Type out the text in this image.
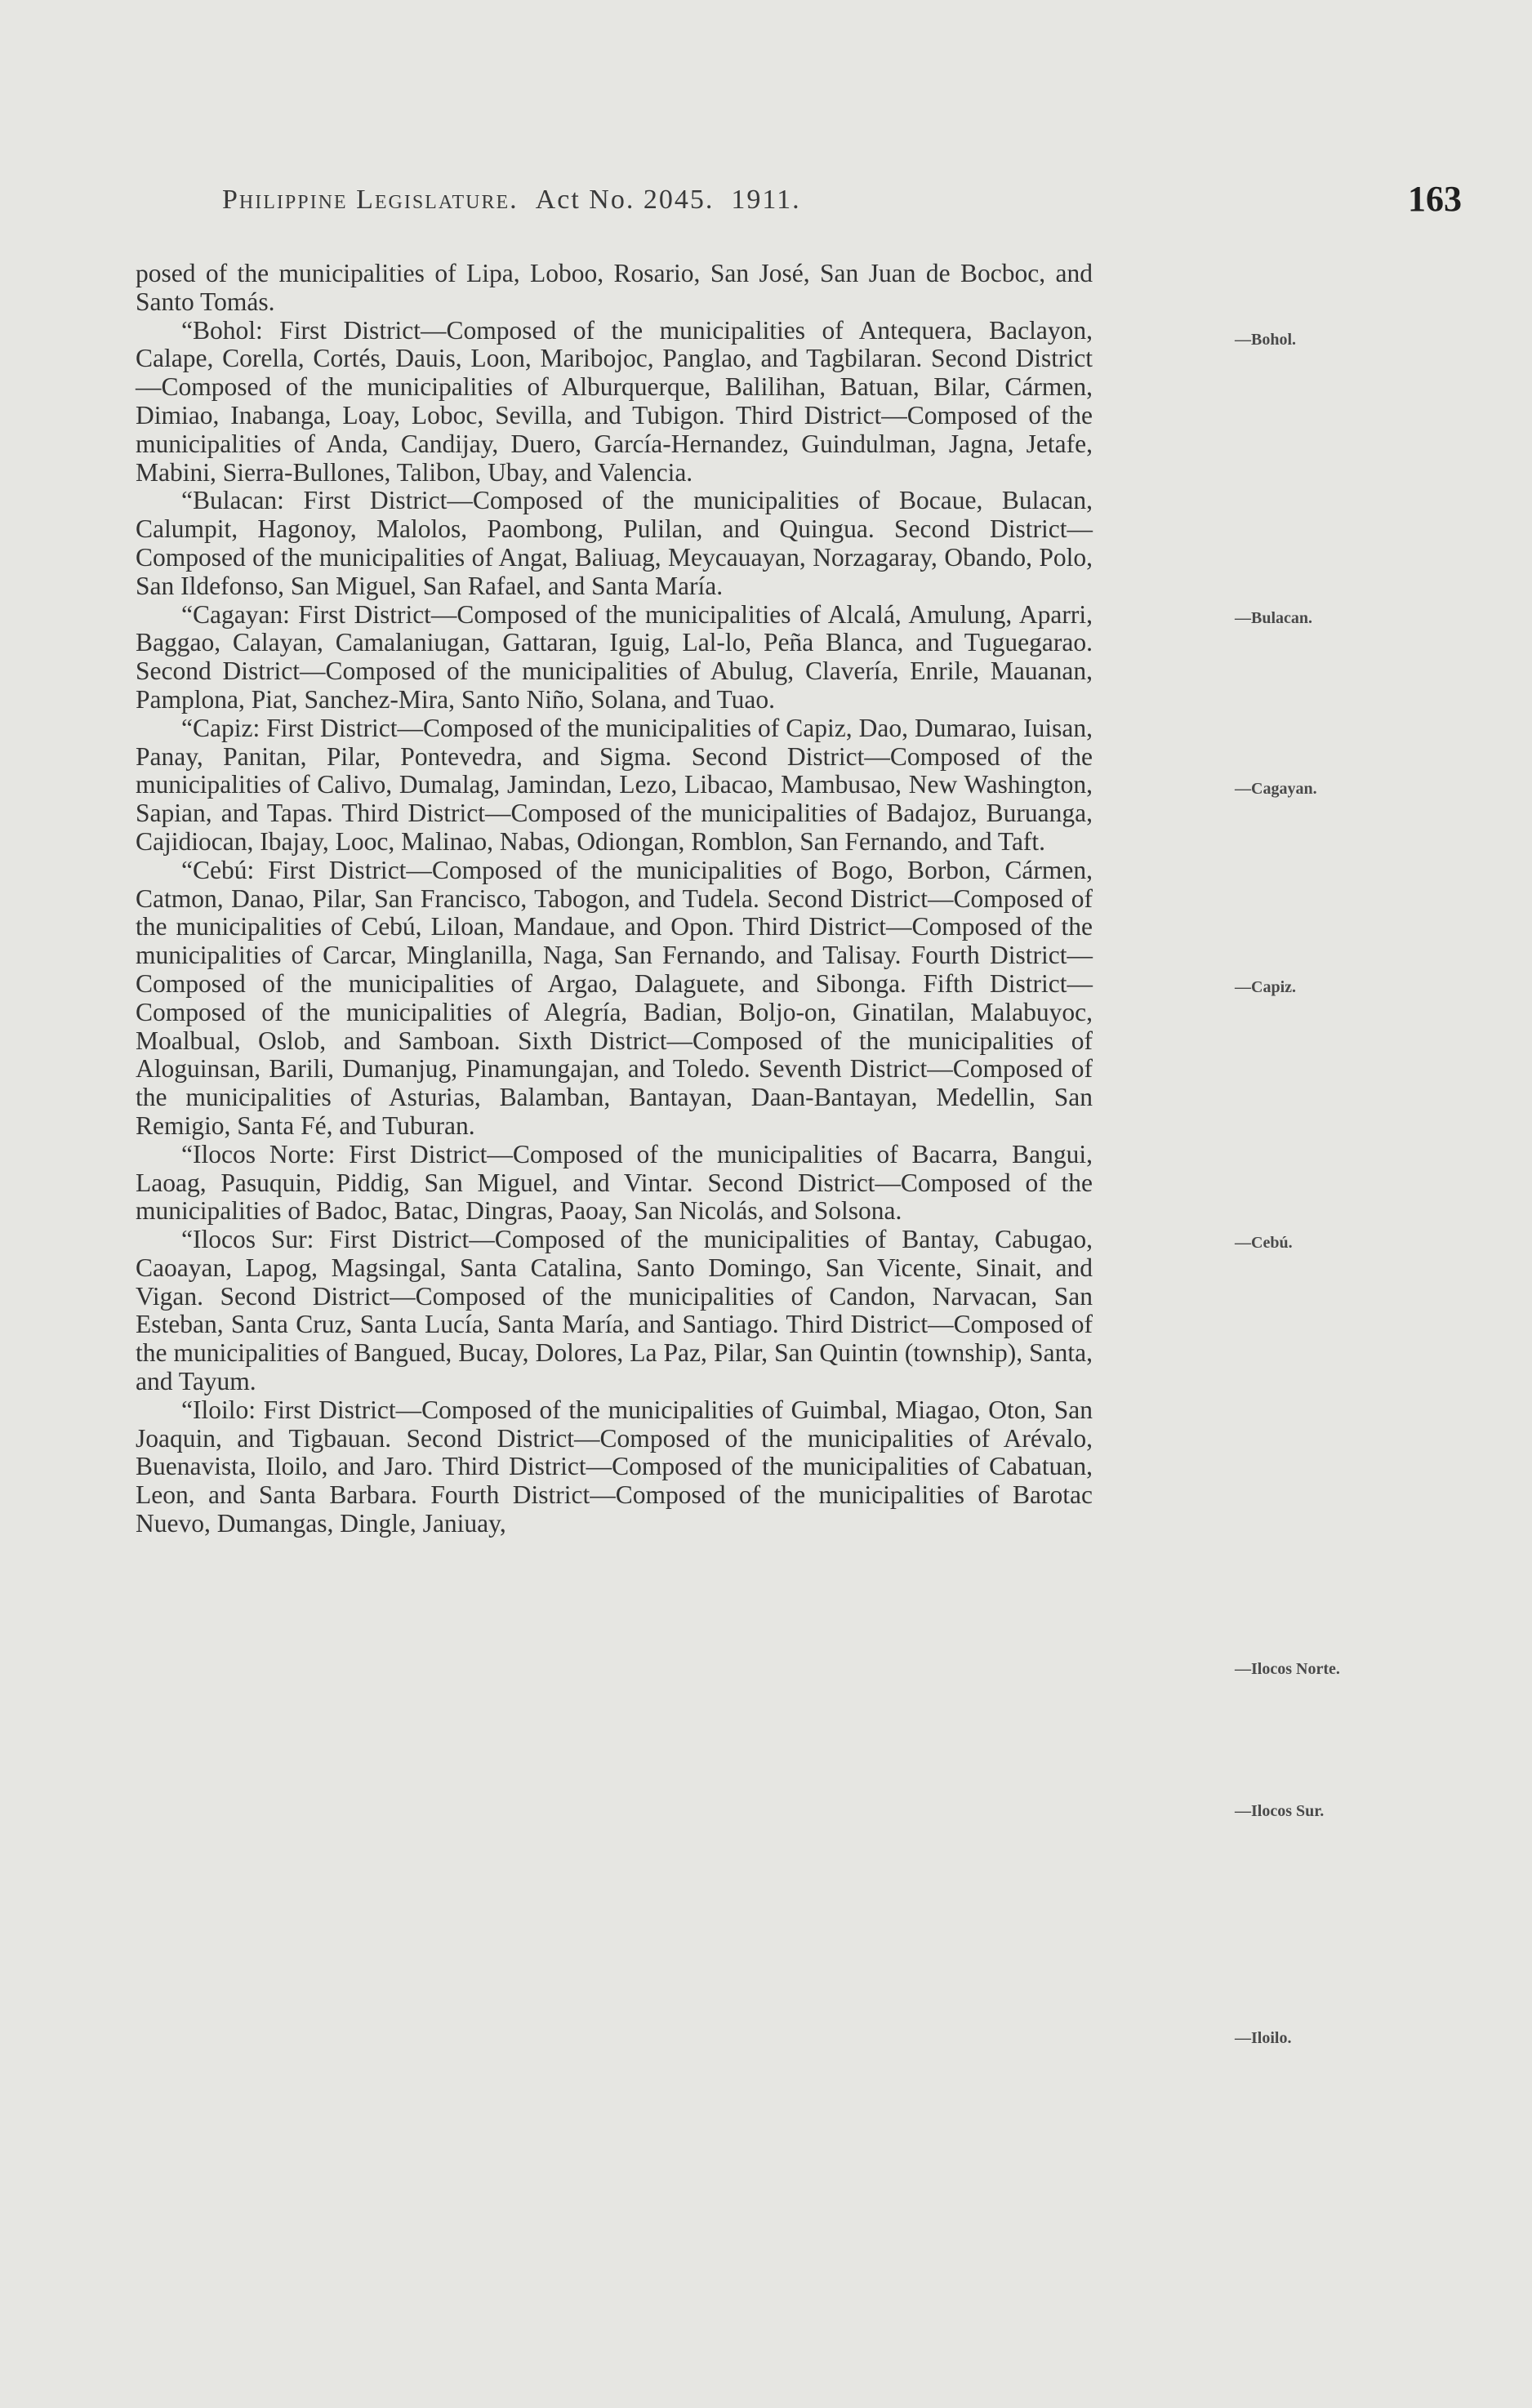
Philippine Legislature. Act No. 2045. 1911.	163

posed of the municipalities of Lipa, Loboo, Rosario, San José, San Juan de Bocboc, and Santo Tomás.

“Bohol: First District—Composed of the municipalities of Antequera, Baclayon, Calape, Corella, Cortés, Dauis, Loon, Maribojoc, Panglao, and Tagbilaran. Second District—Composed of the municipalities of Alburquerque, Balilihan, Batuan, Bilar, Cármen, Dimiao, Inabanga, Loay, Loboc, Sevilla, and Tubigon. Third District—Composed of the municipalities of Anda, Candijay, Duero, García-Hernandez, Guindulman, Jagna, Jetafe, Mabini, Sierra-Bullones, Talibon, Ubay, and Valencia.

“Bulacan: First District—Composed of the municipalities of Bocaue, Bulacan, Calumpit, Hagonoy, Malolos, Paombong, Pulilan, and Quingua. Second District—Composed of the municipalities of Angat, Baliuag, Meycauayan, Norzagaray, Obando, Polo, San Ildefonso, San Miguel, San Rafael, and Santa María.

“Cagayan: First District—Composed of the municipalities of Alcalá, Amulung, Aparri, Baggao, Calayan, Camalaniugan, Gattaran, Iguig, Lal-lo, Peña Blanca, and Tuguegarao. Second District—Composed of the municipalities of Abulug, Clavería, Enrile, Mauanan, Pamplona, Piat, Sanchez-Mira, Santo Niño, Solana, and Tuao.

“Capiz: First District—Composed of the municipalities of Capiz, Dao, Dumarao, Iuisan, Panay, Panitan, Pilar, Pontevedra, and Sigma. Second District—Composed of the municipalities of Calivo, Dumalag, Jamindan, Lezo, Libacao, Mambusao, New Washington, Sapian, and Tapas. Third District—Composed of the municipalities of Badajoz, Buruanga, Cajidiocan, Ibajay, Looc, Malinao, Nabas, Odiongan, Romblon, San Fernando, and Taft.

“Cebú: First District—Composed of the municipalities of Bogo, Borbon, Cármen, Catmon, Danao, Pilar, San Francisco, Tabogon, and Tudela. Second District—Composed of the municipalities of Cebú, Liloan, Mandaue, and Opon. Third District—Composed of the municipalities of Carcar, Minglanilla, Naga, San Fernando, and Talisay. Fourth District—Composed of the municipalities of Argao, Dalaguete, and Sibonga. Fifth District—Composed of the municipalities of Alegría, Badian, Boljo-on, Ginatilan, Malabuyoc, Moalbual, Oslob, and Samboan. Sixth District—Composed of the municipalities of Aloguinsan, Barili, Dumanjug, Pinamungajan, and Toledo. Seventh District—Composed of the municipalities of Asturias, Balamban, Bantayan, Daan-Bantayan, Medellin, San Remigio, Santa Fé, and Tuburan.

“Ilocos Norte: First District—Composed of the municipalities of Bacarra, Bangui, Laoag, Pasuquin, Piddig, San Miguel, and Vintar. Second District—Composed of the municipalities of Badoc, Batac, Dingras, Paoay, San Nicolás, and Solsona.

“Ilocos Sur: First District—Composed of the municipalities of Bantay, Cabugao, Caoayan, Lapog, Magsingal, Santa Catalina, Santo Domingo, San Vicente, Sinait, and Vigan. Second District—Composed of the municipalities of Candon, Narvacan, San Esteban, Santa Cruz, Santa Lucía, Santa María, and Santiago. Third District—Composed of the municipalities of Bangued, Bucay, Dolores, La Paz, Pilar, San Quintin (township), Santa, and Tayum.

“Iloilo: First District—Composed of the municipalities of Guimbal, Miagao, Oton, San Joaquin, and Tigbauan. Second District—Composed of the municipalities of Arévalo, Buenavista, Iloilo, and Jaro. Third District—Composed of the municipalities of Cabatuan, Leon, and Santa Barbara. Fourth District—Composed of the municipalities of Barotac Nuevo, Dumangas, Dingle, Janiuay,

—Bohol.
—Bulacan.
—Cagayan.
—Capiz.
—Cebú.
—Ilocos Norte.
—Ilocos Sur.
—Iloilo.
